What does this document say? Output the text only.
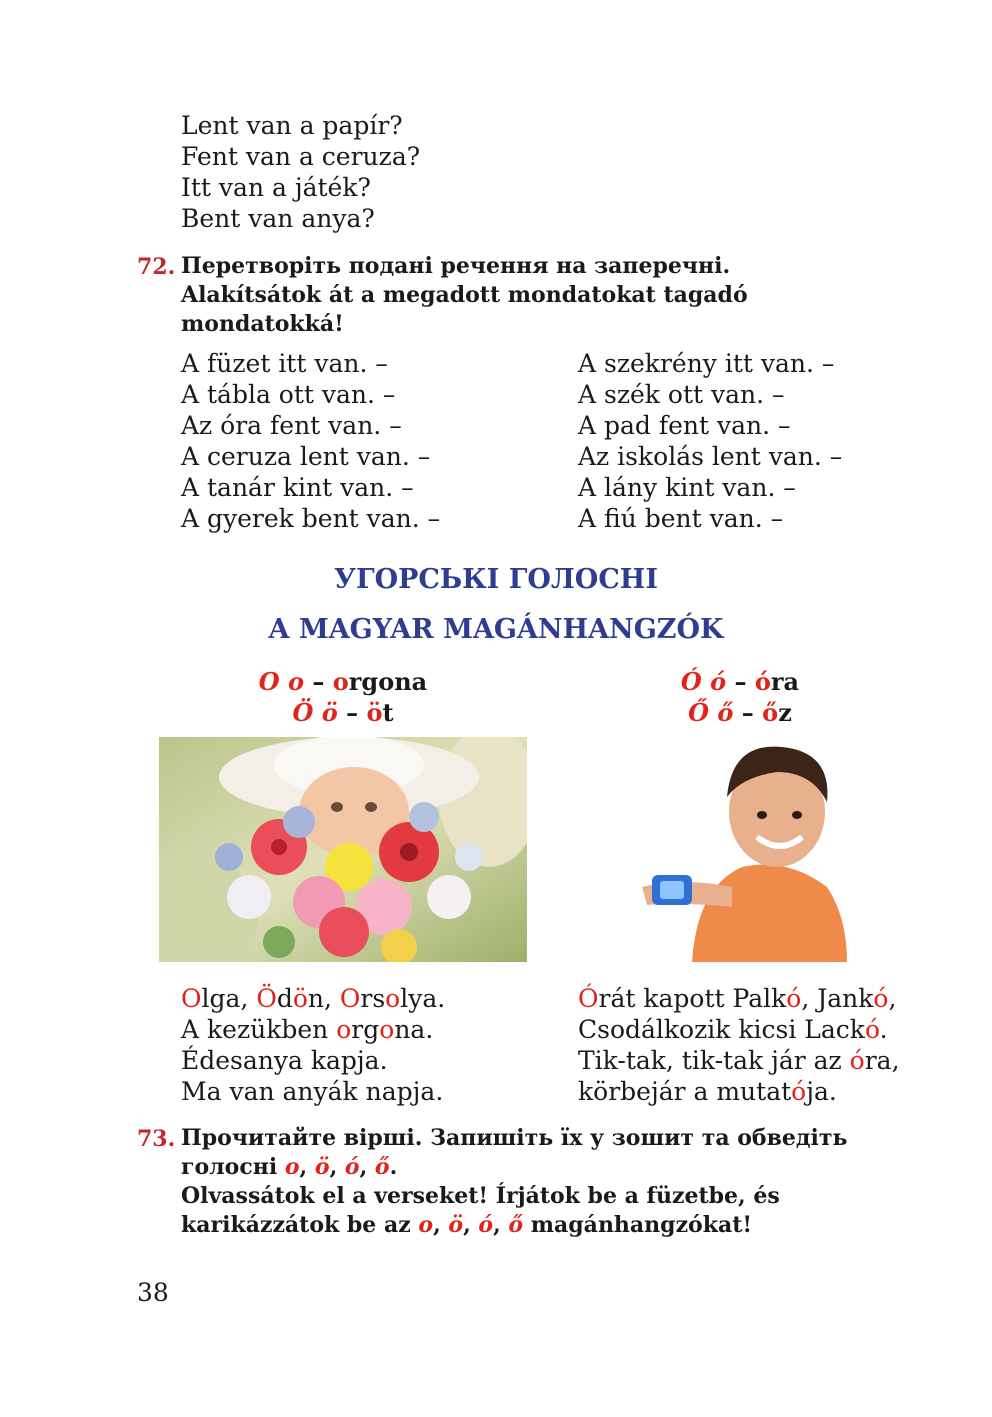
Lent van a papír?
Fent van a ceruza?
Itt van a játék?
Bent van anya?
72. Перетворіть подані речення на заперечні.
Alakítsátok át a megadott mondatokat tagadó
mondatokká!
A füzet itt van. –
A tábla ott van. –
Az óra fent van. –
A ceruza lent van. –
A tanár kint van. –
A gyerek bent van. –
A szekrény itt van. –
A szék ott van. –
A pad fent van. –
Az iskolás lent van. –
A lány kint van. –
A fiú bent van. –
УГОРСЬКІ ГОЛОСНІ
A MAGYAR MAGÁNHANGZÓK
O o – orgona
Ö ö – öt
Ó ó – óra
Ő ő – őz
Olga, Ödön, Orsolya.
A kezükben orgona.
Édesanya kapja.
Ma van anyák napja.
Órát kapott Palkó, Jankó,
Csodálkozik kicsi Lackó.
Tik-tak, tik-tak jár az óra,
körbejár a mutatója.
73. Прочитайте вірші. Запишіть їх у зошит та обведіть
голосні o, ö, ó, ő.
Olvassátok el a verseket! Írjátok be a füzetbe, és
karikázzátok be az o, ö, ó, ő magánhangzókat!
38
